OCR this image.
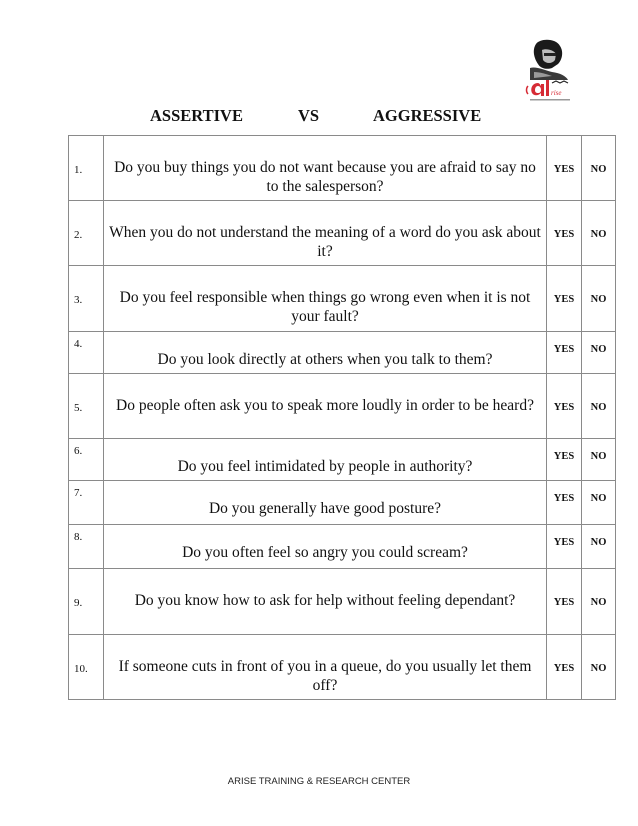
rise
ASSERTIVE	VS	AGGRESSIVE
1.	Do you buy things you do not want because you are afraid to say no to the salesperson?	YES	NO
2.	When you do not understand the meaning of a word do you ask about it?	YES	NO
3.	Do you feel responsible when things go wrong even when it is not your fault?	YES	NO
4.	Do you look directly at others when you talk to them?	YES	NO
5.	Do people often ask you to speak more loudly in order to be heard?	YES	NO
6.	Do you feel intimidated by people in authority?	YES	NO
7.	Do you generally have good posture?	YES	NO
8.	Do you often feel so angry you could scream?	YES	NO
9.	Do you know how to ask for help without feeling dependant?	YES	NO
10.	If someone cuts in front of you in a queue, do you usually let them off?	YES	NO
ARISE TRAINING & RESEARCH CENTER
